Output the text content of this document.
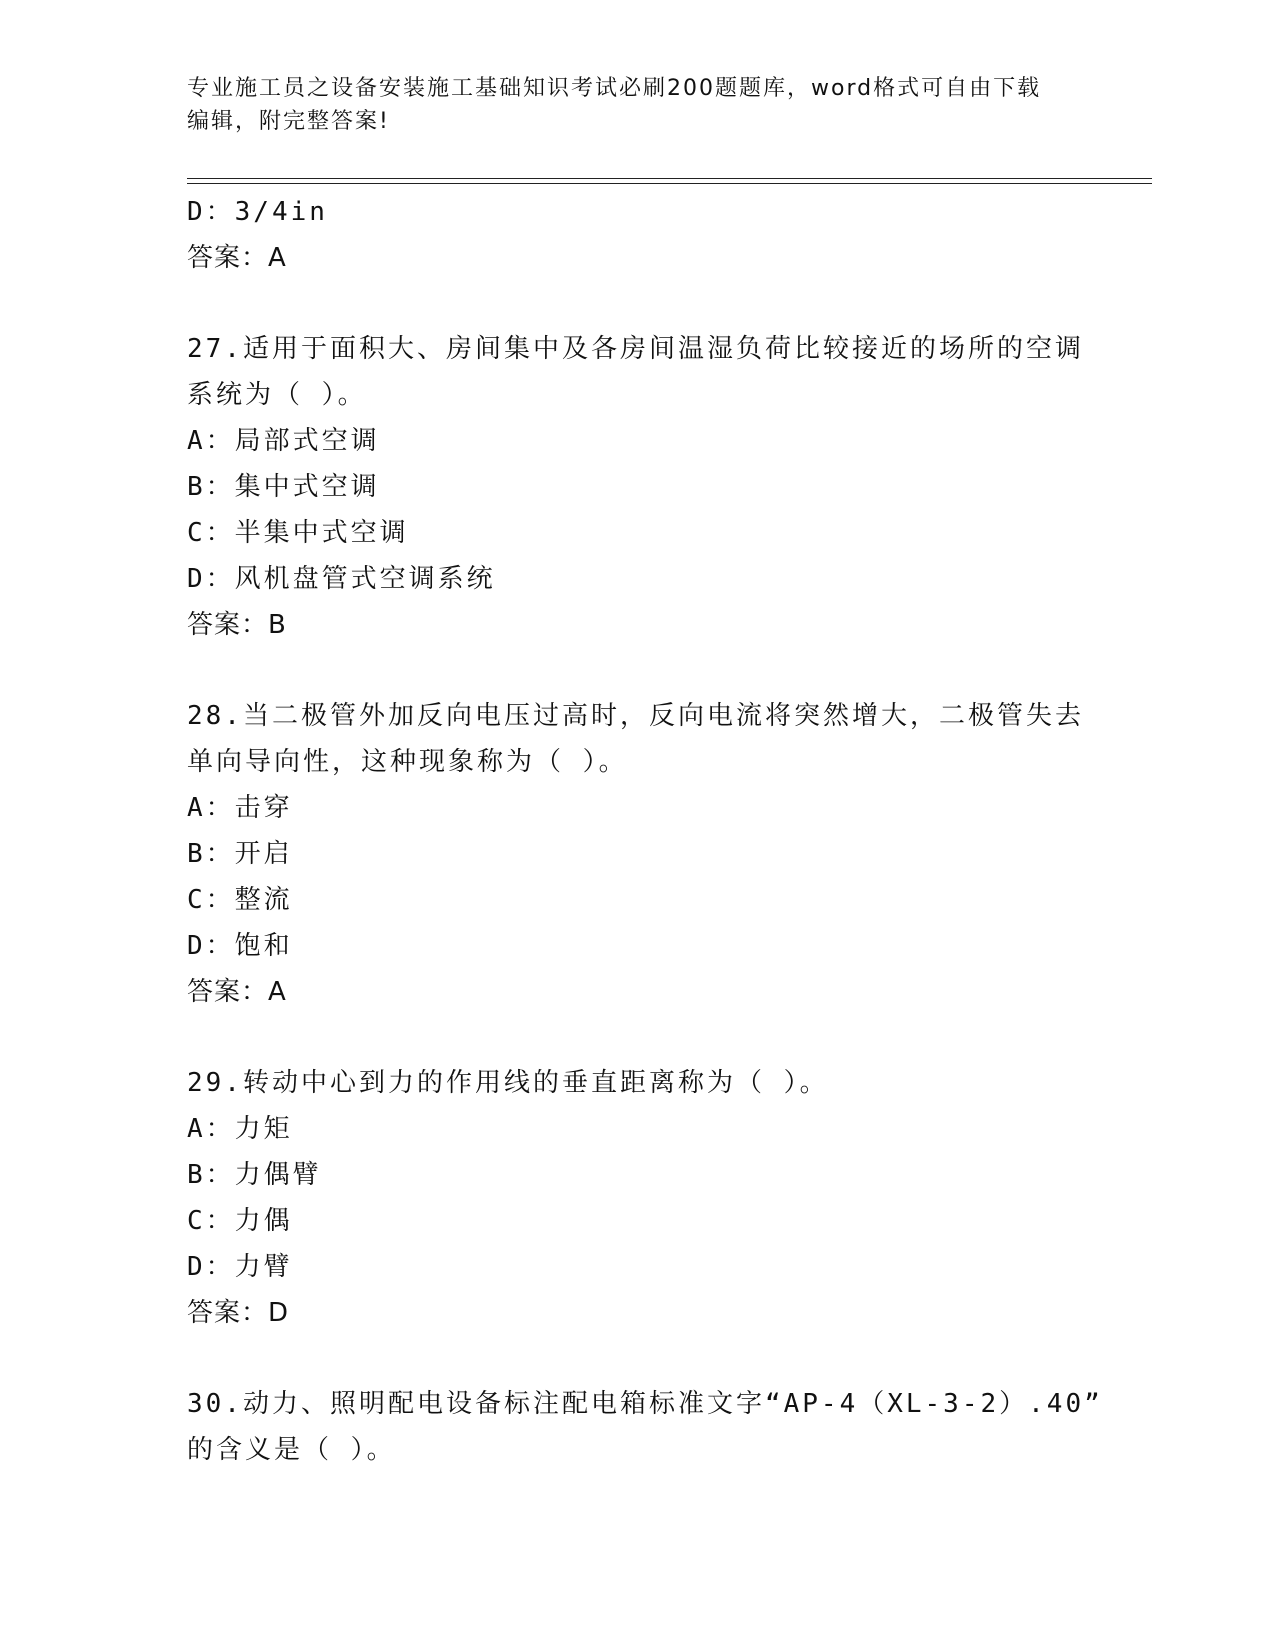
专业施工员之设备安装施工基础知识考试必刷200题题库，word格式可自由下载
编辑，附完整答案!
D：3/4in
答案：A
27.适用于面积大、房间集中及各房间温湿负荷比较接近的场所的空调
系统为（ ）。
A：局部式空调
B：集中式空调
C：半集中式空调
D：风机盘管式空调系统
答案：B
28.当二极管外加反向电压过高时，反向电流将突然增大，二极管失去
单向导向性，这种现象称为（ ）。
A：击穿
B：开启
C：整流
D：饱和
答案：A
29.转动中心到力的作用线的垂直距离称为（ ）。
A：力矩
B：力偶臂
C：力偶
D：力臂
答案：D
30.动力、照明配电设备标注配电箱标准文字“AP-4（XL-3-2）.40”
的含义是（ ）。
